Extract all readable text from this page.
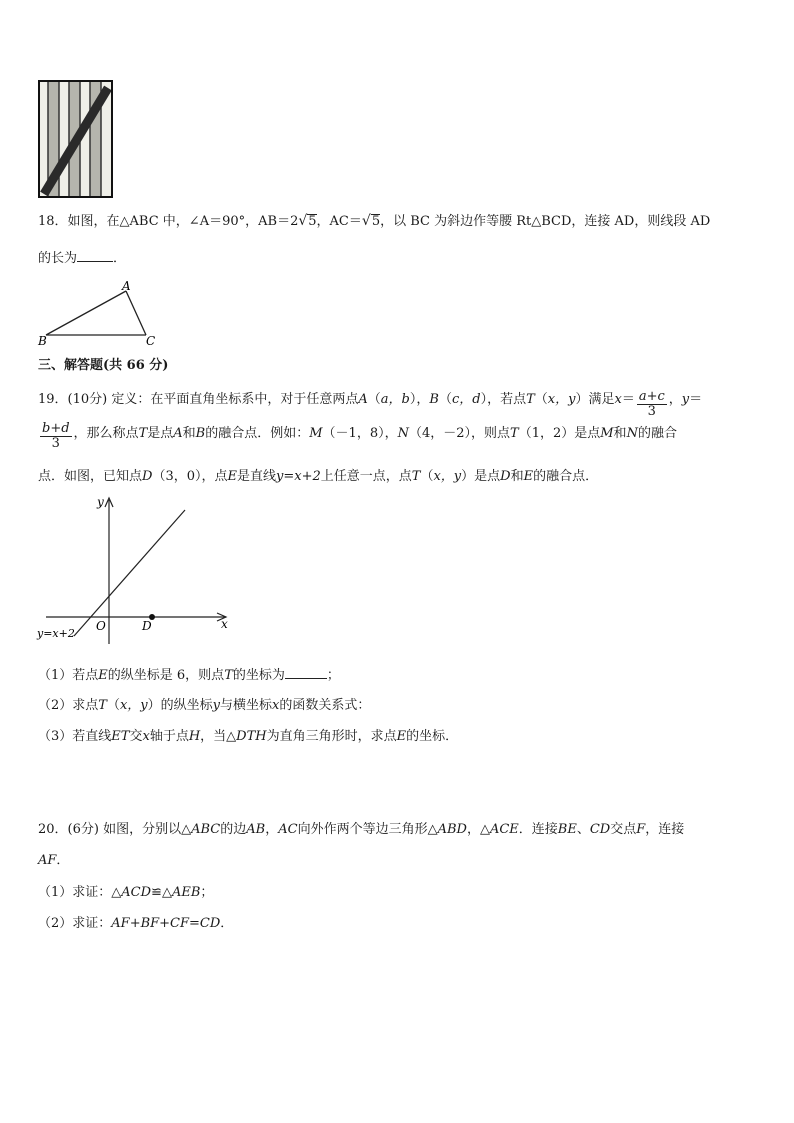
18．如图，在△ABC 中，∠A＝90°，AB＝2√5，AC＝√5，以 BC 为斜边作等腰 Rt△BCD，连接 AD，则线段 AD
的长为	．
A
B	C
三、解答题(共 66 分)
19．(10分) 定义：在平面直角坐标系中，对于任意两点A（a，b），B（c，d），若点T（x，y）满足$x= \frac{a+c}{3}$ ，y＝
$\frac{b+d}{3}$ ，那么称点T是点A和B的融合点．例如：M（－1，8），N（4，－2），则点T（1，2）是点M和N的融合
点．如图，已知点D（3，0），点E是直线y=x+2上任意一点，点T（x，y）是点D和E的融合点．
y
x
O	D
y=x+2
（1）若点E的纵坐标是 6，则点T的坐标为	；
（2）求点T（x，y）的纵坐标y与横坐标x的函数关系式：
（3）若直线ET交x轴于点H，当△DTH为直角三角形时，求点E的坐标．
20．(6分) 如图，分别以△ABC的边AB，AC向外作两个等边三角形△ABD，△ACE．连接BE、CD交点F，连接
AF．
（1）求证：△ACD≌△AEB；
（2）求证：AF+BF+CF=CD．
